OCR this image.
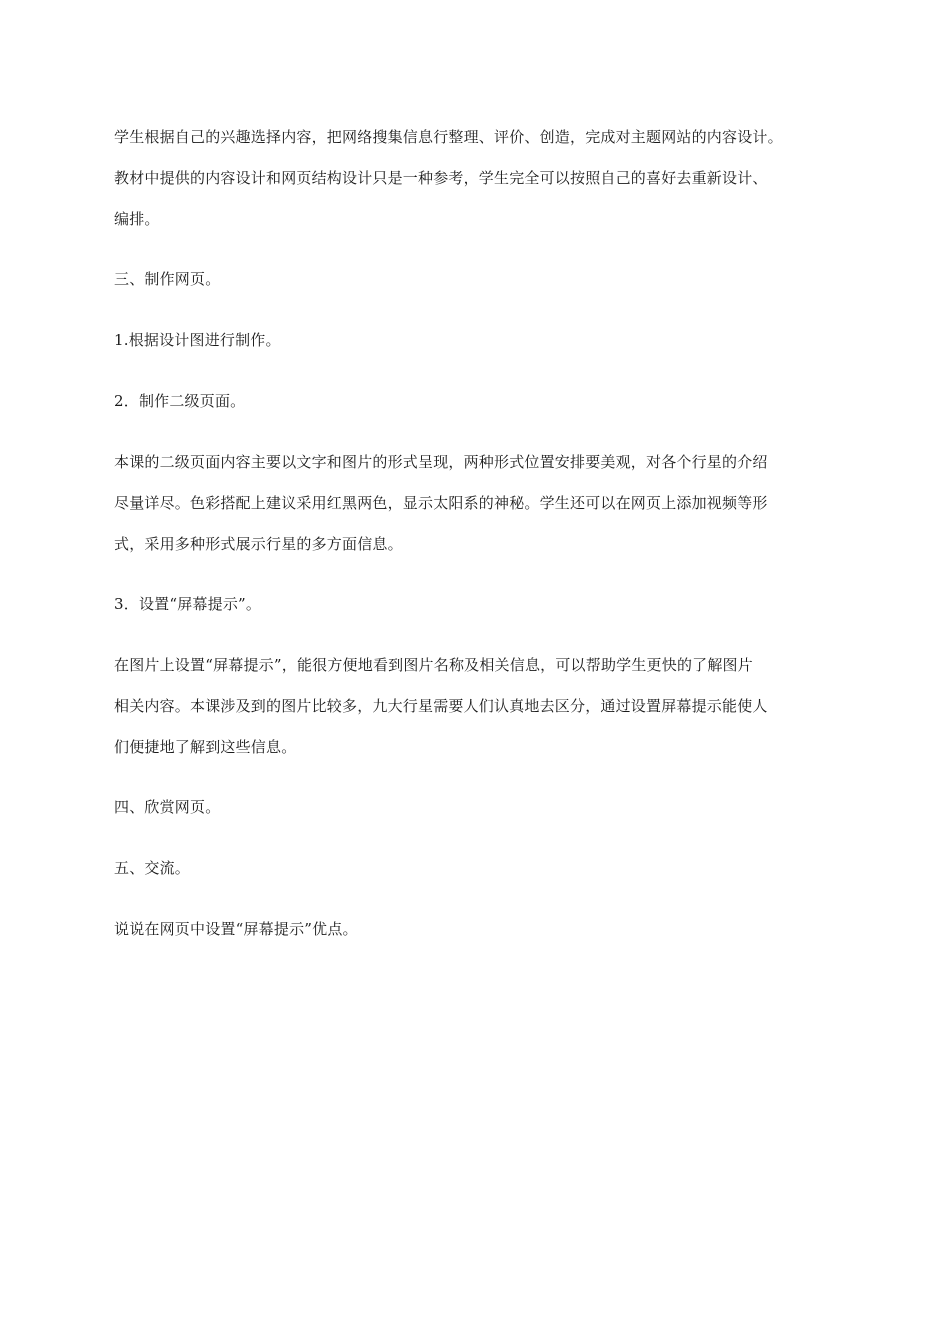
学生根据自己的兴趣选择内容，把网络搜集信息行整理、评价、创造，完成对主题网站的内容设计。
教材中提供的内容设计和网页结构设计只是一种参考，学生完全可以按照自己的喜好去重新设计、
编排。

三、制作网页。

1.根据设计图进行制作。

2．制作二级页面。

本课的二级页面内容主要以文字和图片的形式呈现，两种形式位置安排要美观，对各个行星的介绍
尽量详尽。色彩搭配上建议采用红黑两色，显示太阳系的神秘。学生还可以在网页上添加视频等形
式，采用多种形式展示行星的多方面信息。

3．设置“屏幕提示”。

在图片上设置“屏幕提示”，能很方便地看到图片名称及相关信息，可以帮助学生更快的了解图片
相关内容。本课涉及到的图片比较多，九大行星需要人们认真地去区分，通过设置屏幕提示能使人
们便捷地了解到这些信息。

四、欣赏网页。

五、交流。

说说在网页中设置“屏幕提示”优点。
